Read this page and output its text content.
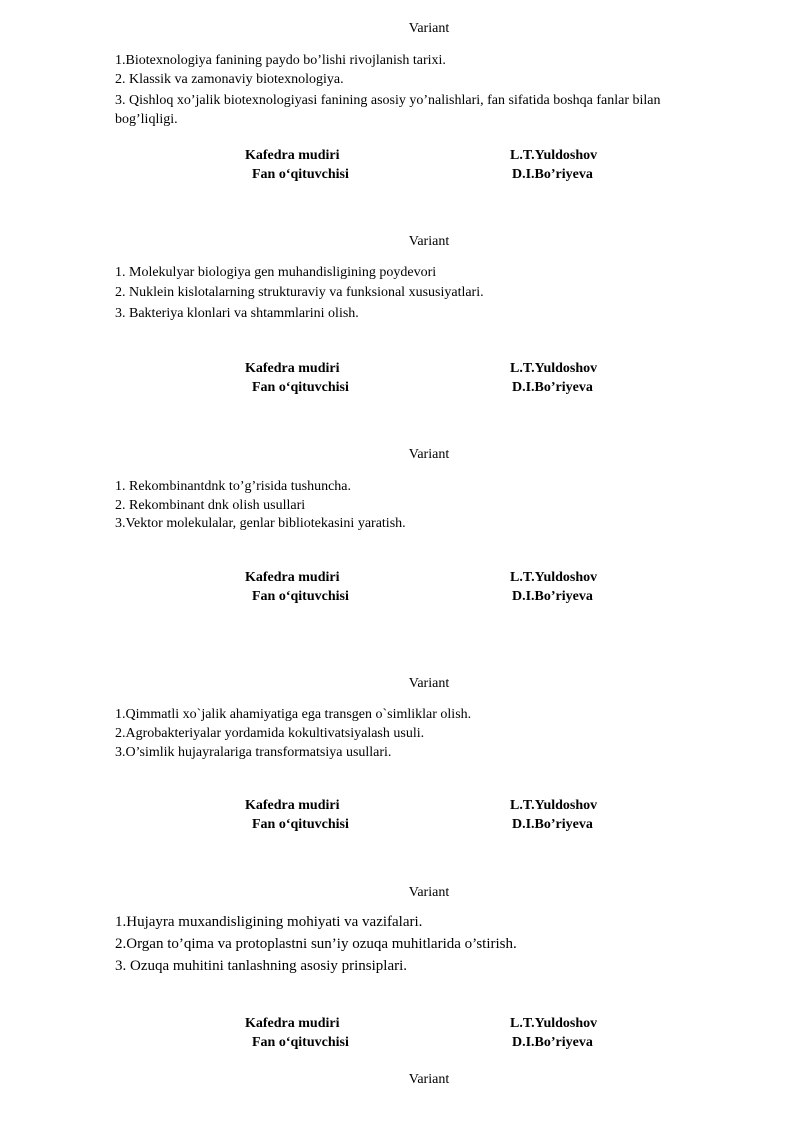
Variant
1.Biotexnologiya fanining paydo bo’lishi rivojlanish tarixi.
2. Klassik va zamonaviy biotexnologiya.
3. Qishloq xo’jalik biotexnologiyasi fanining asosiy yo’nalishlari, fan sifatida boshqa fanlar bilan bog’liqligi.
Kafedra mudiri	L.T.Yuldoshov
Fan o‘qituvchisi	D.I.Bo’riyeva
Variant
1. Molekulyar biologiya gen muhandisligining poydevori
2. Nuklein kislotalarning strukturaviy va funksional xususiyatlari.
3. Bakteriya klonlari va shtammlarini olish.
Kafedra mudiri	L.T.Yuldoshov
Fan o‘qituvchisi	D.I.Bo’riyeva
Variant
1. Rekombinantdnk to’g’risida tushuncha.
2. Rekombinant dnk olish usullari
3.Vektor molekulalar, genlar bibliotekasini yaratish.
Kafedra mudiri	L.T.Yuldoshov
Fan o‘qituvchisi	D.I.Bo’riyeva
Variant
1.Qimmatli xo`jalik ahamiyatiga ega transgen o`simliklar olish.
2.Agrobakteriyalar yordamida kokultivatsiyalash usuli.
3.O’simlik hujayralariga transformatsiya usullari.
Kafedra mudiri	L.T.Yuldoshov
Fan o‘qituvchisi	D.I.Bo’riyeva
Variant
1.Hujayra muxandisligining mohiyati va vazifalari.
2.Organ to’qima va protoplastni sun’iy ozuqa muhitlarida o’stirish.
3. Ozuqa muhitini tanlashning asosiy prinsiplari.
Kafedra mudiri	L.T.Yuldoshov
Fan o‘qituvchisi	D.I.Bo’riyeva
Variant
